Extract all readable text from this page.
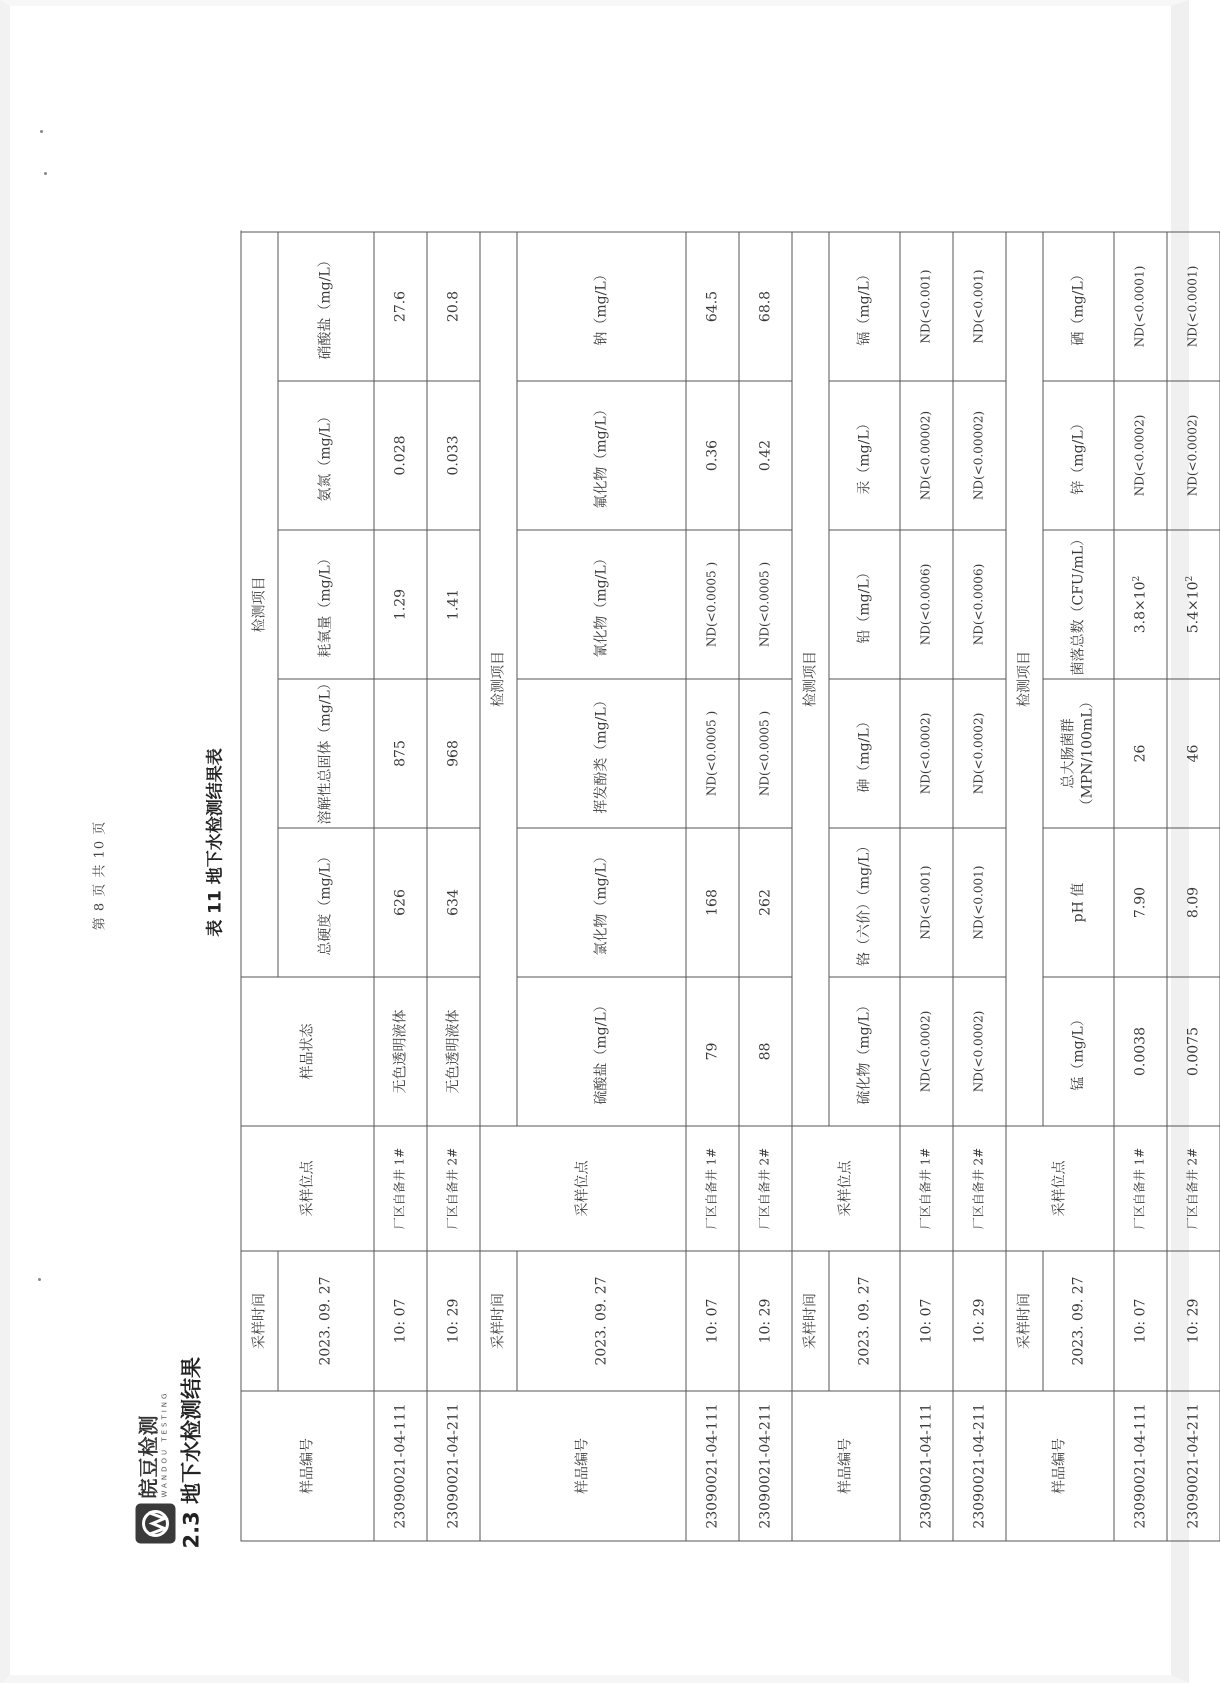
第 8 页 共 10 页
皖豆检测 WANDOU TESTING 2.3 地下水检测结果
表 11 地下水检测结果表
样品编号	采样时间	采样位点	样品状态	检测项目					
	2023. 09. 27			总硬度（mg/L）	溶解性总固体（mg/L）	耗氧量（mg/L）	氨氮（mg/L）	硝酸盐（mg/L）	

23090021-04-111	10: 07	厂区自备井 1#	无色透明液体	626	875	1.29	0.028	27.6	
23090021-04-211	10: 29	厂区自备井 2#	无色透明液体	634	968	1.41	0.033	20.8	
样品编号	采样时间	采样位点	检测项目						
	2023. 09. 27		硫酸盐（mg/L）	氯化物（mg/L）	挥发酚类（mg/L）	氰化物（mg/L）	氟化物（mg/L）	钠（mg/L）	

23090021-04-111	10: 07	厂区自备井 1#	79	168	ND(<0.0005 )	ND(<0.0005 )	0.36	64.5	
23090021-04-211	10: 29	厂区自备井 2#	88	262	ND(<0.0005 )	ND(<0.0005 )	0.42	68.8	
样品编号	采样时间	采样位点	检测项目						
	2023. 09. 27		硫化物（mg/L）	铬（六价）（mg/L）	砷（mg/L）	铅（mg/L）	汞（mg/L）	镉（mg/L）	

23090021-04-111	10: 07	厂区自备井 1#	ND(<0.0002)	ND(<0.001)	ND(<0.0002)	ND(<0.0006)	ND(<0.00002)	ND(<0.001)	
23090021-04-211	10: 29	厂区自备井 2#	ND(<0.0002)	ND(<0.001)	ND(<0.0002)	ND(<0.0006)	ND(<0.00002)	ND(<0.001)	
样品编号	采样时间	采样位点	检测项目						
	2023. 09. 27		锰（mg/L）	pH 值	总大肠菌群（MPN/100mL）	菌落总数（CFU/mL）	锌（mg/L）	硒（mg/L）	

23090021-04-111	10: 07	厂区自备井 1#	0.0038	7.90	26	$3.8\times 10^2$	ND(<0.0002)	ND(<0.0001)	
23090021-04-211	10: 29	厂区自备井 2#	0.0075	8.09	46	$5.4\times 10^2$	ND(<0.0002)	ND(<0.0001)	
